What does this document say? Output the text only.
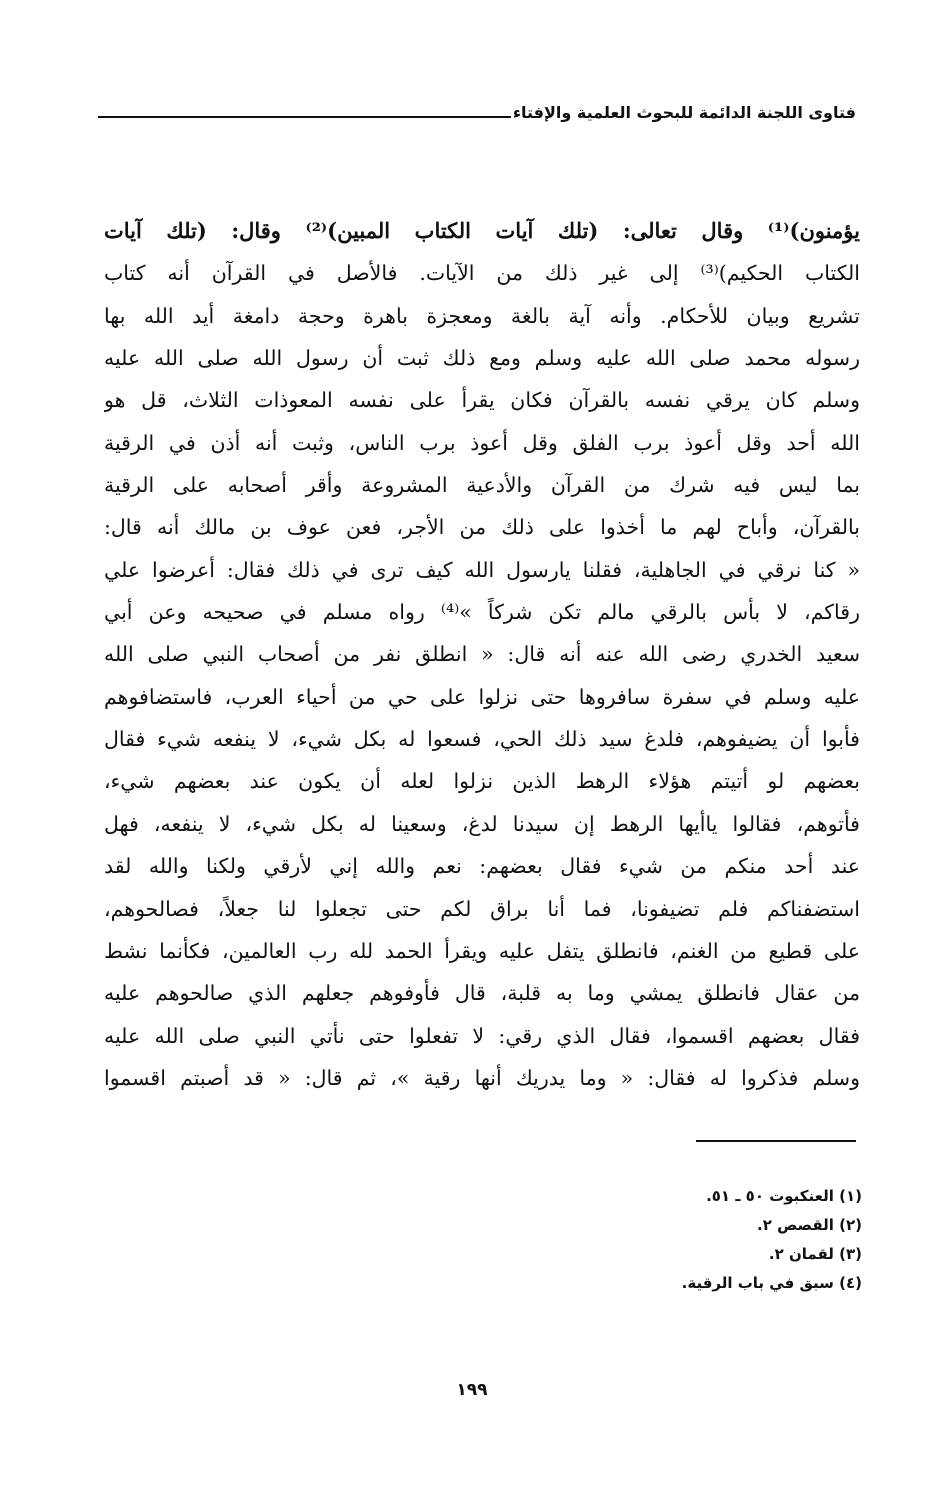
فتاوى اللجنة الدائمة للبحوث العلمية والإفتاء
يؤمنون)⁽¹⁾ وقال تعالى: (تلك آيات الكتاب المبين)⁽²⁾ وقال: (تلك آيات
الكتاب الحكيم)⁽³⁾ إلى غير ذلك من الآيات. فالأصل في القرآن أنه كتاب
تشريع وبيان للأحكام. وأنه آية بالغة ومعجزة باهرة وحجة دامغة أيد الله بها
رسوله محمد صلى الله عليه وسلم ومع ذلك ثبت أن رسول الله صلى الله عليه
وسلم كان يرقي نفسه بالقرآن فكان يقرأ على نفسه المعوذات الثلاث، قل هو
الله أحد وقل أعوذ برب الفلق وقل أعوذ برب الناس، وثبت أنه أذن في الرقية
بما ليس فيه شرك من القرآن والأدعية المشروعة وأقر أصحابه على الرقية
بالقرآن، وأباح لهم ما أخذوا على ذلك من الأجر، فعن عوف بن مالك أنه قال:
« كنا نرقي في الجاهلية، فقلنا يارسول الله كيف ترى في ذلك فقال: أعرضوا علي
رقاكم، لا بأس بالرقي مالم تكن شركاً »⁽⁴⁾ رواه مسلم في صحيحه وعن أبي
سعيد الخدري رضى الله عنه أنه قال: « انطلق نفر من أصحاب النبي صلى الله
عليه وسلم في سفرة سافروها حتى نزلوا على حي من أحياء العرب، فاستضافوهم
فأبوا أن يضيفوهم، فلدغ سيد ذلك الحي، فسعوا له بكل شيء، لا ينفعه شيء فقال
بعضهم لو أتيتم هؤلاء الرهط الذين نزلوا لعله أن يكون عند بعضهم شيء،
فأتوهم، فقالوا ياأيها الرهط إن سيدنا لدغ، وسعينا له بكل شيء، لا ينفعه، فهل
عند أحد منكم من شيء فقال بعضهم: نعم والله إني لأرقي ولكنا والله لقد
استضفناكم فلم تضيفونا، فما أنا براق لكم حتى تجعلوا لنا جعلاً، فصالحوهم،
على قطيع من الغنم، فانطلق يتفل عليه ويقرأ الحمد لله رب العالمين، فكأنما نشط
من عقال فانطلق يمشي وما به قلبة، قال فأوفوهم جعلهم الذي صالحوهم عليه
فقال بعضهم اقسموا، فقال الذي رقي: لا تفعلوا حتى نأتي النبي صلى الله عليه
وسلم فذكروا له فقال: « وما يدريك أنها رقية »، ثم قال: « قد أصبتم اقسموا
(١) العنكبوت ٥٠ ـ ٥١.
(٢) القصص ٢.
(٣) لقمان ٢.
(٤) سبق في باب الرقية.
١٩٩
